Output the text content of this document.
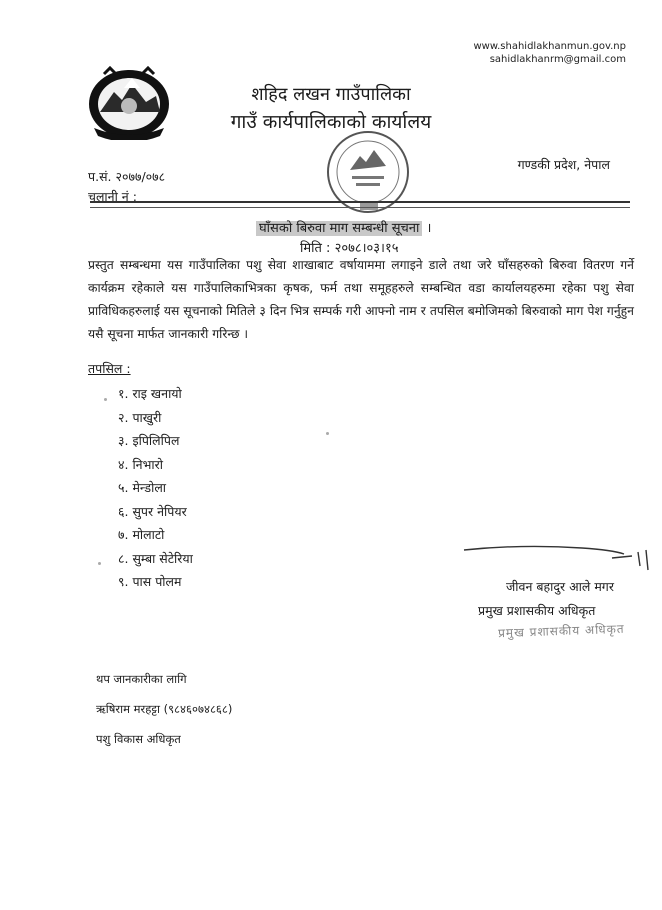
www.shahidlakhanmun.gov.np
sahidlakhanrm@gmail.com
शहिद लखन गाउँपालिका
गाउँ कार्यपालिकाको कार्यालय
प.सं. २०७७/०७८
चलानी नं :
गण्डकी प्रदेश, नेपाल
घाँसको बिरुवा माग सम्बन्धी सूचना ।
मिति : २०७८।०३।१५
प्रस्तुत सम्बन्धमा यस गाउँपालिका पशु सेवा शाखाबाट वर्षायाममा लगाइने डाले तथा जरे घाँसहरुको बिरुवा वितरण गर्ने कार्यक्रम रहेकाले यस गाउँपालिकाभित्रका कृषक, फर्म तथा समूहहरुले सम्बन्धित वडा कार्यालयहरुमा रहेका पशु सेवा प्राविधिकहरुलाई यस सूचनाको मितिले ३ दिन भित्र सम्पर्क गरी आफ्नो नाम र तपसिल बमोजिमको बिरुवाको माग पेश गर्नुहुन यसै सूचना मार्फत जानकारी गरिन्छ ।
तपसिल :
१. राइ खनायो
२. पाखुरी
३. इपिलिपिल
४. निभारो
५. मेन्डोला
६. सुपर नेपियर
७. मोलाटो
८. सुम्बा सेटेरिया
९. पास पोलम	जीवन बहादुर आले मगर
प्रमुख प्रशासकीय अधिकृत
प्रमुख प्रशासकीय अधिकृत
थप जानकारीका लागि
ऋषिराम मरहट्टा (९८४६०७४८६८)
पशु विकास अधिकृत
